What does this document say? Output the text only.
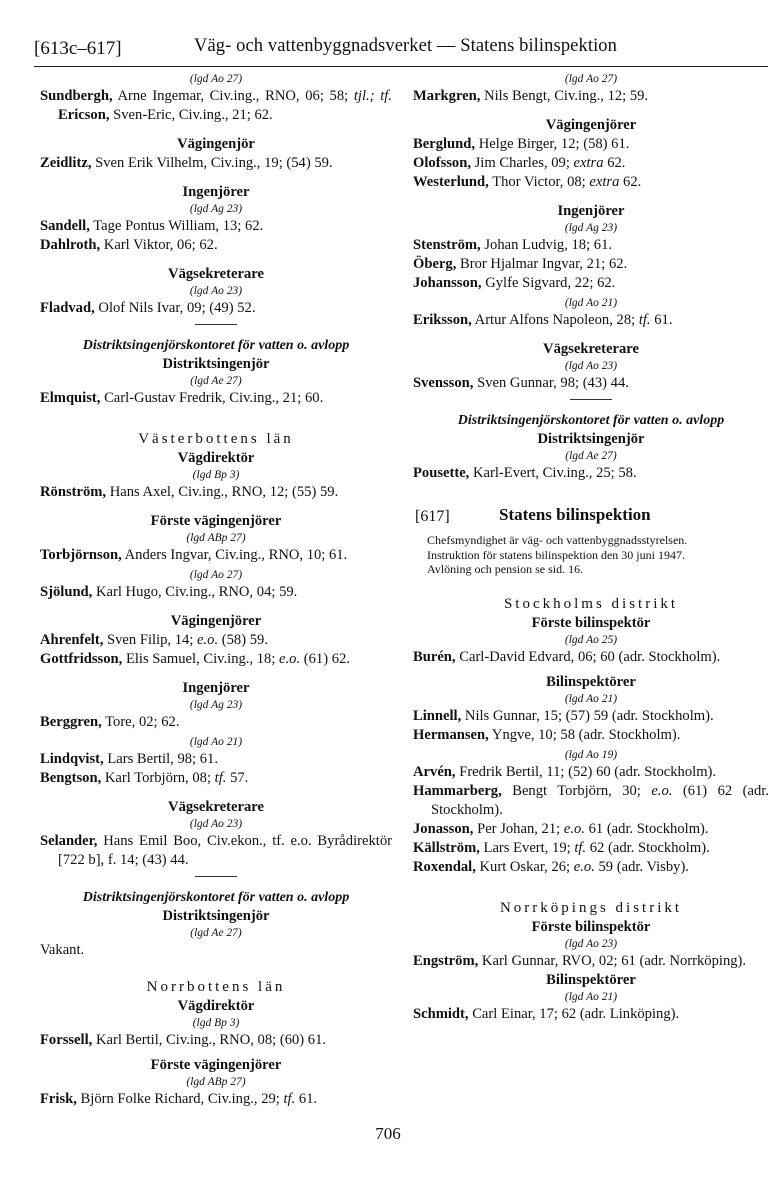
[613c–617]	Väg- och vattenbyggnadsverket — Statens bilinspektion

(lgd Ao 27)

Sundbergh, Arne Ingemar, Civ.ing., RNO, 06; 58; tjl.; tf. Ericson, Sven-Eric, Civ.ing., 21; 62.

Vägingenjör

Zeidlitz, Sven Erik Vilhelm, Civ.ing., 19; (54) 59.

Ingenjörer

(lgd Ag 23)

Sandell, Tage Pontus William, 13; 62.

Dahlroth, Karl Viktor, 06; 62.

Vägsekreterare

(lgd Ao 23)

Fladvad, Olof Nils Ivar, 09; (49) 52.

Distriktsingenjörskontoret för vatten o. avlopp

Distriktsingenjör

(lgd Ae 27)

Elmquist, Carl-Gustav Fredrik, Civ.ing., 21; 60.

Västerbottens län

Vägdirektör

(lgd Bp 3)

Rönström, Hans Axel, Civ.ing., RNO, 12; (55) 59.

Förste vägingenjörer

(lgd ABp 27)

Torbjörnson, Anders Ingvar, Civ.ing., RNO, 10; 61.

(lgd Ao 27)

Sjölund, Karl Hugo, Civ.ing., RNO, 04; 59.

Vägingenjörer

Ahrenfelt, Sven Filip, 14; e.o. (58) 59.

Gottfridsson, Elis Samuel, Civ.ing., 18; e.o. (61) 62.

Ingenjörer

(lgd Ag 23)

Berggren, Tore, 02; 62.

(lgd Ao 21)

Lindqvist, Lars Bertil, 98; 61.

Bengtson, Karl Torbjörn, 08; tf. 57.

Vägsekreterare

(lgd Ao 23)

Selander, Hans Emil Boo, Civ.ekon., tf. e.o. Byrådirektör [722 b], f. 14; (43) 44.

Distriktsingenjörskontoret för vatten o. avlopp

Distriktsingenjör

(lgd Ae 27)

Vakant.

Norrbottens län

Vägdirektör

(lgd Bp 3)

Forssell, Karl Bertil, Civ.ing., RNO, 08; (60) 61.

Förste vägingenjörer

(lgd ABp 27)

Frisk, Björn Folke Richard, Civ.ing., 29; tf. 61.

(lgd Ao 27)

Markgren, Nils Bengt, Civ.ing., 12; 59.

Vägingenjörer

Berglund, Helge Birger, 12; (58) 61.

Olofsson, Jim Charles, 09; extra 62.

Westerlund, Thor Victor, 08; extra 62.

Ingenjörer

(lgd Ag 23)

Stenström, Johan Ludvig, 18; 61.

Öberg, Bror Hjalmar Ingvar, 21; 62.

Johansson, Gylfe Sigvard, 22; 62.

(lgd Ao 21)

Eriksson, Artur Alfons Napoleon, 28; tf. 61.

Vägsekreterare

(lgd Ao 23)

Svensson, Sven Gunnar, 98; (43) 44.

Distriktsingenjörskontoret för vatten o. avlopp

Distriktsingenjör

(lgd Ae 27)

Pousette, Karl-Evert, Civ.ing., 25; 58.

[617]	Statens bilinspektion

Chefsmyndighet är väg- och vattenbyggnadsstyrelsen.

Instruktion för statens bilinspektion den 30 juni 1947.

Avlöning och pension se sid. 16.

Stockholms distrikt

Förste bilinspektör

(lgd Ao 25)

Burén, Carl-David Edvard, 06; 60 (adr. Stockholm).

Bilinspektörer

(lgd Ao 21)

Linnell, Nils Gunnar, 15; (57) 59 (adr. Stockholm).

Hermansen, Yngve, 10; 58 (adr. Stockholm).

(lgd Ao 19)

Arvén, Fredrik Bertil, 11; (52) 60 (adr. Stockholm).

Hammarberg, Bengt Torbjörn, 30; e.o. (61) 62 (adr. Stockholm).

Jonasson, Per Johan, 21; e.o. 61 (adr. Stockholm).

Källström, Lars Evert, 19; tf. 62 (adr. Stockholm).

Roxendal, Kurt Oskar, 26; e.o. 59 (adr. Visby).

Norrköpings distrikt

Förste bilinspektör

(lgd Ao 23)

Engström, Karl Gunnar, RVO, 02; 61 (adr. Norrköping).

Bilinspektörer

(lgd Ao 21)

Schmidt, Carl Einar, 17; 62 (adr. Linköping).

706
